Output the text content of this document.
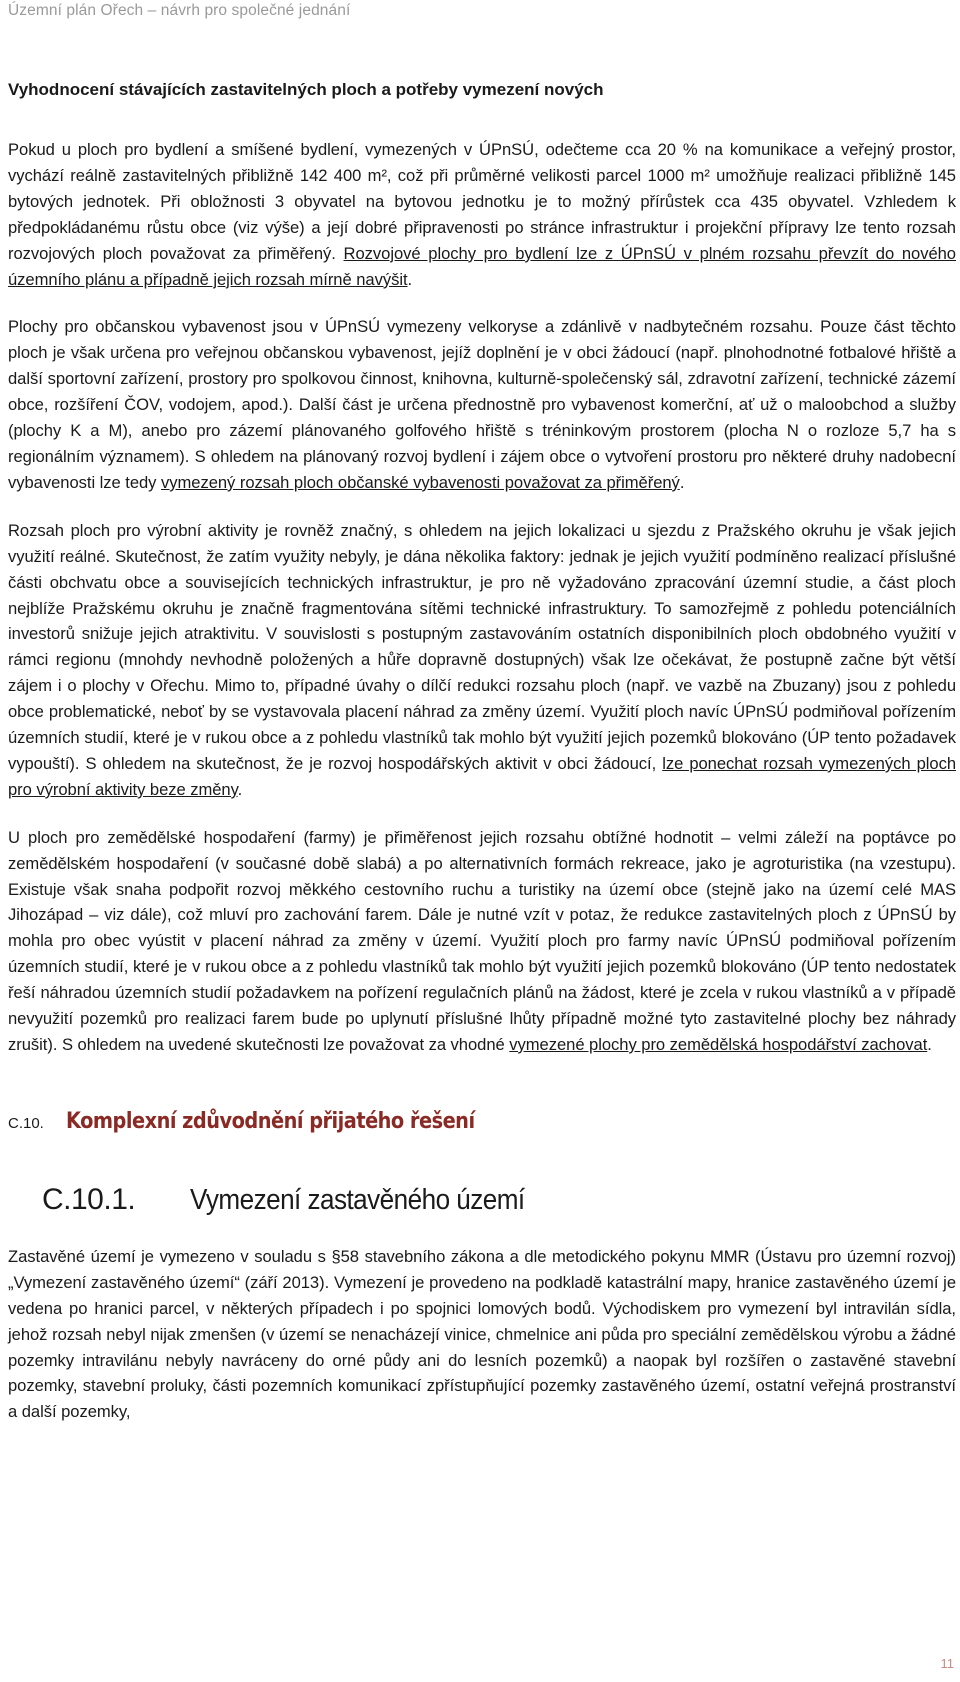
Územní plán Ořech – návrh pro společné jednání
Vyhodnocení stávajících zastavitelných ploch a potřeby vymezení nových

Pokud u ploch pro bydlení a smíšené bydlení, vymezených v ÚPnSÚ, odečteme cca 20 % na komunikace a veřejný prostor, vychází reálně zastavitelných přibližně 142 400 m², což při průměrné velikosti parcel 1000 m² umožňuje realizaci přibližně 145 bytových jednotek. Při obložnosti 3 obyvatel na bytovou jednotku je to možný přírůstek cca 435 obyvatel. Vzhledem k předpokládanému růstu obce (viz výše) a její dobré připravenosti po stránce infrastruktur i projekční přípravy lze tento rozsah rozvojových ploch považovat za přiměřený. Rozvojové plochy pro bydlení lze z ÚPnSÚ v plném rozsahu převzít do nového územního plánu a případně jejich rozsah mírně navýšit.

Plochy pro občanskou vybavenost jsou v ÚPnSÚ vymezeny velkoryse a zdánlivě v nadbytečném rozsahu. Pouze část těchto ploch je však určena pro veřejnou občanskou vybavenost, jejíž doplnění je v obci žádoucí (např. plnohodnotné fotbalové hřiště a další sportovní zařízení, prostory pro spolkovou činnost, knihovna, kulturně-společenský sál, zdravotní zařízení, technické zázemí obce, rozšíření ČOV, vodojem, apod.). Další část je určena přednostně pro vybavenost komerční, ať už o maloobchod a služby (plochy K a M), anebo pro zázemí plánovaného golfového hřiště s tréninkovým prostorem (plocha N o rozloze 5,7 ha s regionálním významem). S ohledem na plánovaný rozvoj bydlení i zájem obce o vytvoření prostoru pro některé druhy nadobecní vybavenosti lze tedy vymezený rozsah ploch občanské vybavenosti považovat za přiměřený.

Rozsah ploch pro výrobní aktivity je rovněž značný, s ohledem na jejich lokalizaci u sjezdu z Pražského okruhu je však jejich využití reálné. Skutečnost, že zatím využity nebyly, je dána několika faktory: jednak je jejich využití podmíněno realizací příslušné části obchvatu obce a souvisejících technických infrastruktur, je pro ně vyžadováno zpracování územní studie, a část ploch nejblíže Pražskému okruhu je značně fragmentována sítěmi technické infrastruktury. To samozřejmě z pohledu potenciálních investorů snižuje jejich atraktivitu. V souvislosti s postupným zastavováním ostatních disponibilních ploch obdobného využití v rámci regionu (mnohdy nevhodně položených a hůře dopravně dostupných) však lze očekávat, že postupně začne být větší zájem i o plochy v Ořechu. Mimo to, případné úvahy o dílčí redukci rozsahu ploch (např. ve vazbě na Zbuzany) jsou z pohledu obce problematické, neboť by se vystavovala placení náhrad za změny území. Využití ploch navíc ÚPnSÚ podmiňoval pořízením územních studií, které je v rukou obce a z pohledu vlastníků tak mohlo být využití jejich pozemků blokováno (ÚP tento požadavek vypouští). S ohledem na skutečnost, že je rozvoj hospodářských aktivit v obci žádoucí, lze ponechat rozsah vymezených ploch pro výrobní aktivity beze změny.

U ploch pro zemědělské hospodaření (farmy) je přiměřenost jejich rozsahu obtížné hodnotit – velmi záleží na poptávce po zemědělském hospodaření (v současné době slabá) a po alternativních formách rekreace, jako je agroturistika (na vzestupu). Existuje však snaha podpořit rozvoj měkkého cestovního ruchu a turistiky na území obce (stejně jako na území celé MAS Jihozápad – viz dále), což mluví pro zachování farem. Dále je nutné vzít v potaz, že redukce zastavitelných ploch z ÚPnSÚ by mohla pro obec vyústit v placení náhrad za změny v území. Využití ploch pro farmy navíc ÚPnSÚ podmiňoval pořízením územních studií, které je v rukou obce a z pohledu vlastníků tak mohlo být využití jejich pozemků blokováno (ÚP tento nedostatek řeší náhradou územních studií požadavkem na pořízení regulačních plánů na žádost, které je zcela v rukou vlastníků a v případě nevyužití pozemků pro realizaci farem bude po uplynutí příslušné lhůty případně možné tyto zastavitelné plochy bez náhrady zrušit). S ohledem na uvedené skutečnosti lze považovat za vhodné vymezené plochy pro zemědělská hospodářství zachovat.

C.10. Komplexní zdůvodnění přijatého řešení
C.10.1.	Vymezení zastavěného území

Zastavěné území je vymezeno v souladu s §58 stavebního zákona a dle metodického pokynu MMR (Ústavu pro územní rozvoj) „Vymezení zastavěného území“ (září 2013). Vymezení je provedeno na podkladě katastrální mapy, hranice zastavěného území je vedena po hranici parcel, v některých případech i po spojnici lomových bodů. Východiskem pro vymezení byl intravilán sídla, jehož rozsah nebyl nijak zmenšen (v území se nenacházejí vinice, chmelnice ani půda pro speciální zemědělskou výrobu a žádné pozemky intravilánu nebyly navráceny do orné půdy ani do lesních pozemků) a naopak byl rozšířen o zastavěné stavební pozemky, stavební proluky, části pozemních komunikací zpřístupňující pozemky zastavěného území, ostatní veřejná prostranství a další pozemky,

11
